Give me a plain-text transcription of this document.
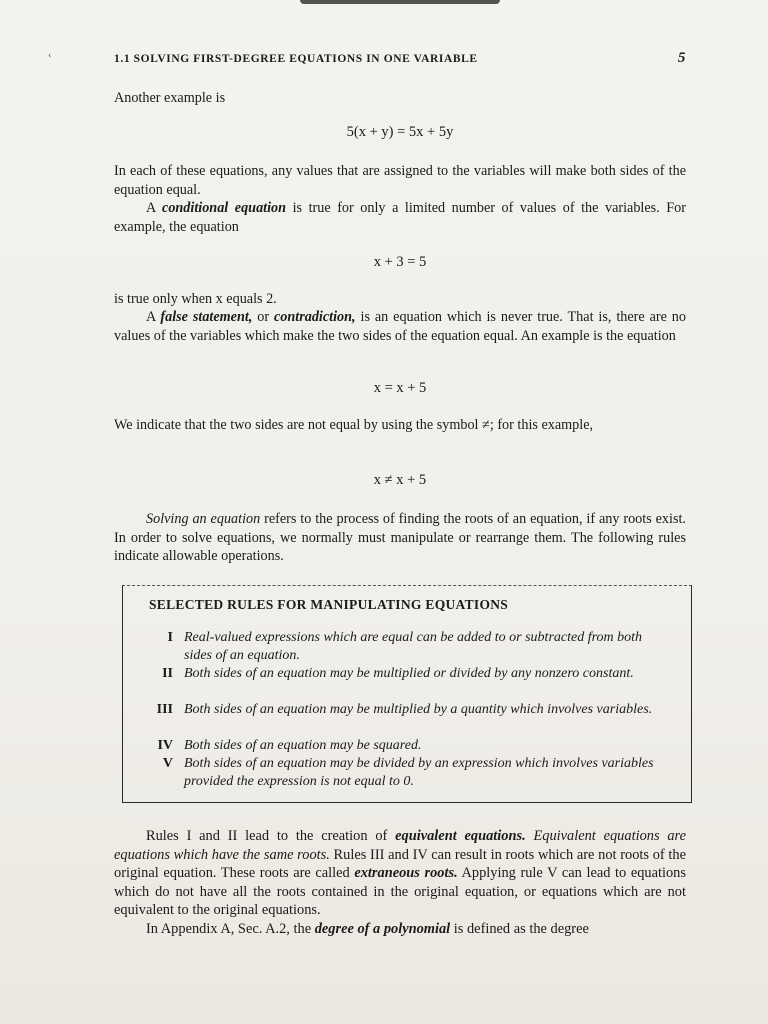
‹	1.1 SOLVING FIRST-DEGREE EQUATIONS IN ONE VARIABLE	5

Another example is

5(x + y) = 5x + 5y

In each of these equations, any values that are assigned to the variables will make both sides of the equation equal.

A conditional equation is true for only a limited number of values of the variables. For example, the equation

x + 3 = 5

is true only when x equals 2.

A false statement, or contradiction, is an equation which is never true. That is, there are no values of the variables which make the two sides of the equation equal. An example is the equation

x = x + 5

We indicate that the two sides are not equal by using the symbol ≠; for this example,

x ≠ x + 5

Solving an equation refers to the process of finding the roots of an equation, if any roots exist. In order to solve equations, we normally must manipulate or rearrange them. The following rules indicate allowable operations.

SELECTED RULES FOR MANIPULATING EQUATIONS
I Real-valued expressions which are equal can be added to or subtracted from both sides of an equation.
II Both sides of an equation may be multiplied or divided by any nonzero constant.
III Both sides of an equation may be multiplied by a quantity which involves variables.
IV Both sides of an equation may be squared.
V Both sides of an equation may be divided by an expression which involves variables provided the expression is not equal to 0.

Rules I and II lead to the creation of equivalent equations. Equivalent equations are equations which have the same roots. Rules III and IV can result in roots which are not roots of the original equation. These roots are called extraneous roots. Applying rule V can lead to equations which do not have all the roots contained in the original equation, or equations which are not equivalent to the original equations.

In Appendix A, Sec. A.2, the degree of a polynomial is defined as the degree
